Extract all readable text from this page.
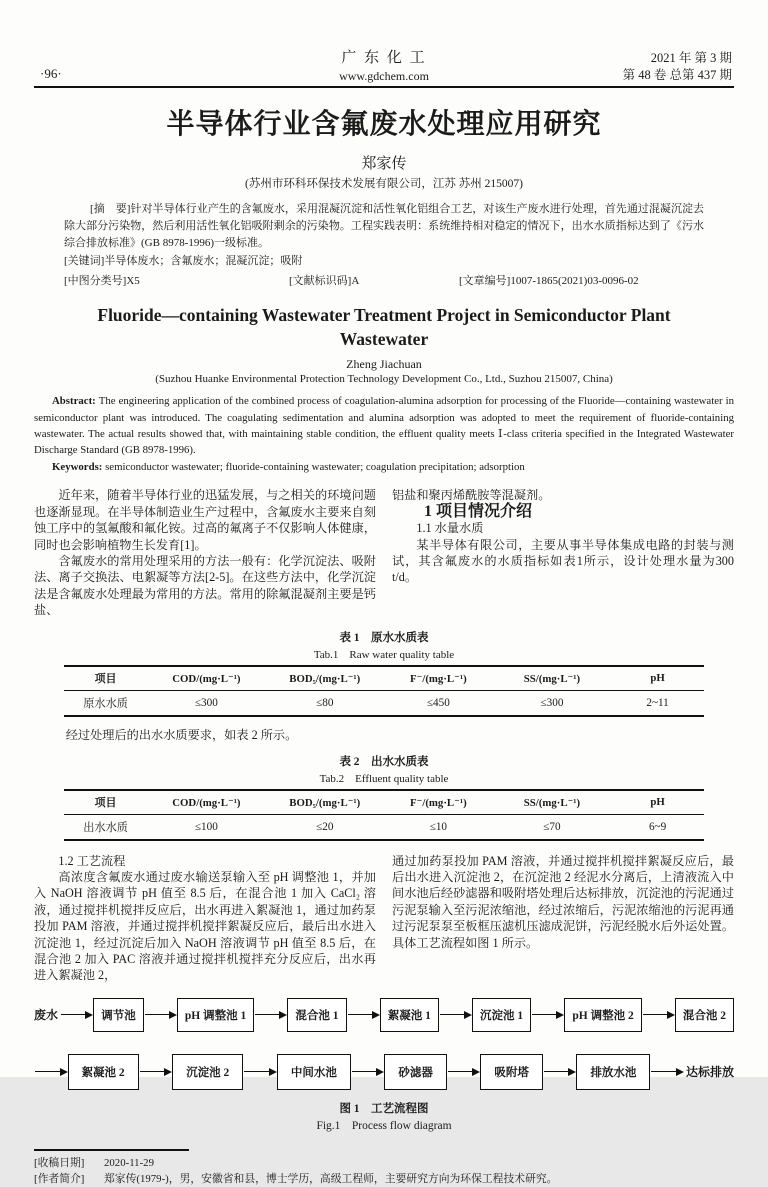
·96·
广 东 化 工
www.gdchem.com
2021 年 第 3 期
第 48 卷 总第 437 期
半导体行业含氟废水处理应用研究
郑家传
(苏州市环科环保技术发展有限公司，江苏 苏州 215007)

[摘　要]针对半导体行业产生的含氟废水，采用混凝沉淀和活性氧化铝组合工艺，对该生产废水进行处理，首先通过混凝沉淀去除大部分污染物，然后利用活性氧化铝吸附剩余的污染物。工程实践表明：系统维持相对稳定的情况下，出水水质指标达到了《污水综合排放标准》(GB 8978-1996)一级标准。

[关键词]半导体废水；含氟废水；混凝沉淀；吸附

[中图分类号]X5	[文献标识码]A	[文章编号]1007-1865(2021)03-0096-02
Fluoride—containing Wastewater Treatment Project in Semiconductor Plant Wastewater
Zheng Jiachuan
(Suzhou Huanke Environmental Protection Technology Development Co., Ltd., Suzhou 215007, China)

Abstract: The engineering application of the combined process of coagulation-alumina adsorption for processing of the Fluoride—containing wastewater in semiconductor plant was introduced. The coagulating sedimentation and alumina adsorption was adopted to meet the requirement of fluoride-containing wastewater. The actual results showed that, with maintaining stable condition, the effluent quality meets Ⅰ-class criteria specified in the Integrated Wastewater Discharge Standard (GB 8978-1996).

Keywords: semiconductor wastewater; fluoride-containing wastewater; coagulation precipitation; adsorption

近年来，随着半导体行业的迅猛发展，与之相关的环境问题也逐渐显现。在半导体制造业生产过程中，含氟废水主要来自刻蚀工序中的氢氟酸和氟化铵。过高的氟离子不仅影响人体健康，同时也会影响植物生长发育[1]。

含氟废水的常用处理采用的方法一般有：化学沉淀法、吸附法、离子交换法、电絮凝等方法[2-5]。在这些方法中，化学沉淀法是含氟废水处理最为常用的方法。常用的除氟混凝剂主要是钙盐、

铝盐和聚丙烯酰胺等混凝剂。

1 项目情况介绍

1.1 水量水质

某半导体有限公司，主要从事半导体集成电路的封装与测试，其含氟废水的水质指标如表1所示，设计处理水量为300 t/d。

表 1　原水水质表

Tab.1　Raw water quality table

项目	COD/(mg·L⁻¹)	BOD₅/(mg·L⁻¹)	F⁻/(mg·L⁻¹)	SS/(mg·L⁻¹)	pH
原水水质	≤300	≤80	≤450	≤300	2~11

经过处理后的出水水质要求，如表 2 所示。

表 2　出水水质表

Tab.2　Effluent quality table

项目	COD/(mg·L⁻¹)	BOD₅/(mg·L⁻¹)	F⁻/(mg·L⁻¹)	SS/(mg·L⁻¹)	pH
出水水质	≤100	≤20	≤10	≤70	6~9

1.2 工艺流程

高浓度含氟废水通过废水输送泵输入至 pH 调整池 1，并加入 NaOH 溶液调节 pH 值至 8.5 后，在混合池 1 加入 CaCl₂ 溶液，通过搅拌机搅拌反应后，出水再进入絮凝池 1，通过加药泵投加 PAM 溶液，并通过搅拌机搅拌絮凝反应后，最后出水进入沉淀池 1，经过沉淀后加入 NaOH 溶液调节 pH 值至 8.5 后，在混合池 2 加入 PAC 溶液并通过搅拌机搅拌充分反应后，出水再进入絮凝池 2，

通过加药泵投加 PAM 溶液，并通过搅拌机搅拌絮凝反应后，最后出水进入沉淀池 2，在沉淀池 2 经泥水分离后，上清液流入中间水池后经砂滤器和吸附塔处理后达标排放，沉淀池的污泥通过污泥泵输入至污泥浓缩池，经过浓缩后，污泥浓缩池的污泥再通过污泥泵泵至板框压滤机压滤成泥饼，污泥经脱水后外运处置。具体工艺流程如图 1 所示。

废水	调节池	pH 调整池 1	混合池 1	絮凝池 1	沉淀池 1	pH 调整池 2	混合池 2
絮凝池 2	沉淀池 2	中间水池	砂滤器	吸附塔	排放水池	达标排放
图 1　工艺流程图
Fig.1　Process flow diagram
[收稿日期] 2020-11-29
[作者简介] 郑家传(1979-)，男，安徽省和县，博士学历，高级工程师，主要研究方向为环保工程技术研究。
